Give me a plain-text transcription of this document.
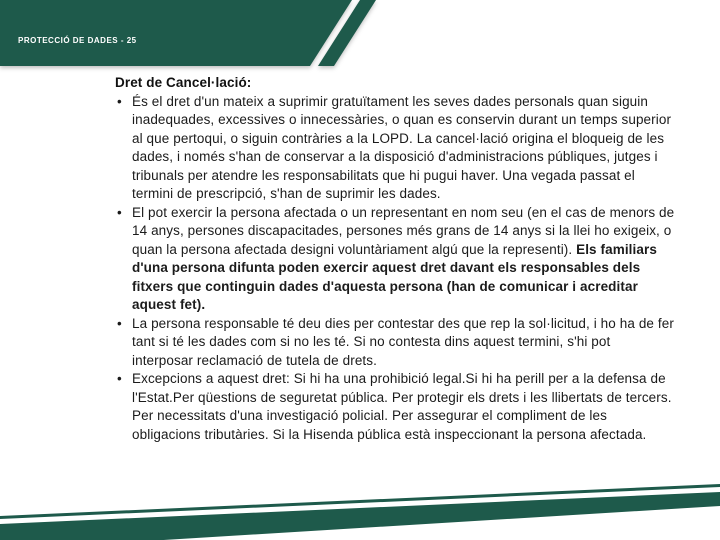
PROTECCIÓ DE DADES - 25
Dret de Cancel·lació:
• És el dret d'un mateix a suprimir gratuïtament les seves dades personals quan siguin inadequades, excessives o innecessàries, o quan es conservin durant un temps superior al que pertoqui, o siguin contràries a la LOPD. La cancel·lació origina el bloqueig de les dades, i només s'han de conservar a la disposició d'administracions públiques, jutges i tribunals per atendre les responsabilitats que hi pugui haver. Una vegada passat el termini de prescripció, s'han de suprimir les dades.
• El pot exercir la persona afectada o un representant en nom seu (en el cas de menors de 14 anys, persones discapacitades, persones més grans de 14 anys si la llei ho exigeix, o quan la persona afectada designi voluntàriament algú que la representi). Els familiars d'una persona difunta poden exercir aquest dret davant els responsables dels fitxers que continguin dades d'aquesta persona (han de comunicar i acreditar aquest fet).
• La persona responsable té deu dies per contestar des que rep la sol·licitud, i ho ha de fer tant si té les dades com si no les té. Si no contesta dins aquest termini, s'hi pot interposar reclamació de tutela de drets.
• Excepcions a aquest dret: Si hi ha una prohibició legal.Si hi ha perill per a la defensa de l'Estat.Per qüestions de seguretat pública. Per protegir els drets i les llibertats de tercers. Per necessitats d'una investigació policial. Per assegurar el compliment de les obligacions tributàries. Si la Hisenda pública està inspeccionant la persona afectada.
